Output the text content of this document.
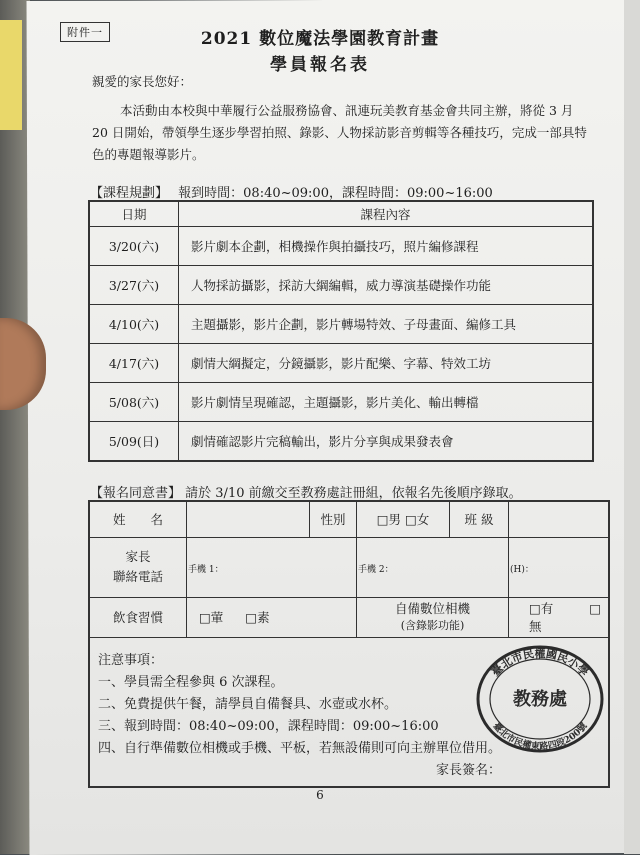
附件一	2021 數位魔法學園教育計畫
學員報名表
親愛的家長您好：
本活動由本校與中華履行公益服務協會、訊連玩美教育基金會共同主辦，將從 3 月 20 日開始，帶領學生逐步學習拍照、錄影、人物採訪影音剪輯等各種技巧，完成一部具特色的專題報導影片。
【課程規劃】 報到時間：08:40~09:00，課程時間：09:00~16:00
日期	課程內容
3/20(六)	影片劇本企劃，相機操作與拍攝技巧，照片編修課程
3/27(六)	人物採訪攝影，採訪大綱編輯，威力導演基礎操作功能
4/10(六)	主題攝影，影片企劃，影片轉場特效、子母畫面、編修工具
4/17(六)	劇情大綱擬定，分鏡攝影，影片配樂、字幕、特效工坊
5/08(六)	影片劇情呈現確認，主題攝影，影片美化、輸出轉檔
5/09(日)	劇情確認影片完稿輸出，影片分享與成果發表會
【報名同意書】 請於 3/10 前繳交至教務處註冊組，依報名先後順序錄取。
姓　　名		性別	□男 □女	班 級	

家長
聯絡電話	手機 1：		手機 2：		(H)：
飲食習慣	□葷 □素		自備數位相機
(含錄影功能)		□有 □無

注意事項：
一、學員需全程參與 6 次課程。
二、免費提供午餐，請學員自備餐具、水壺或水杯。
三、報到時間：08:40~09:00，課程時間：09:00~16:00
四、自行準備數位相機或手機、平板，若無設備則可向主辦單位借用。
家長簽名：
臺北市民權國民小學
教務處
臺北市民權東路四段200號
6
